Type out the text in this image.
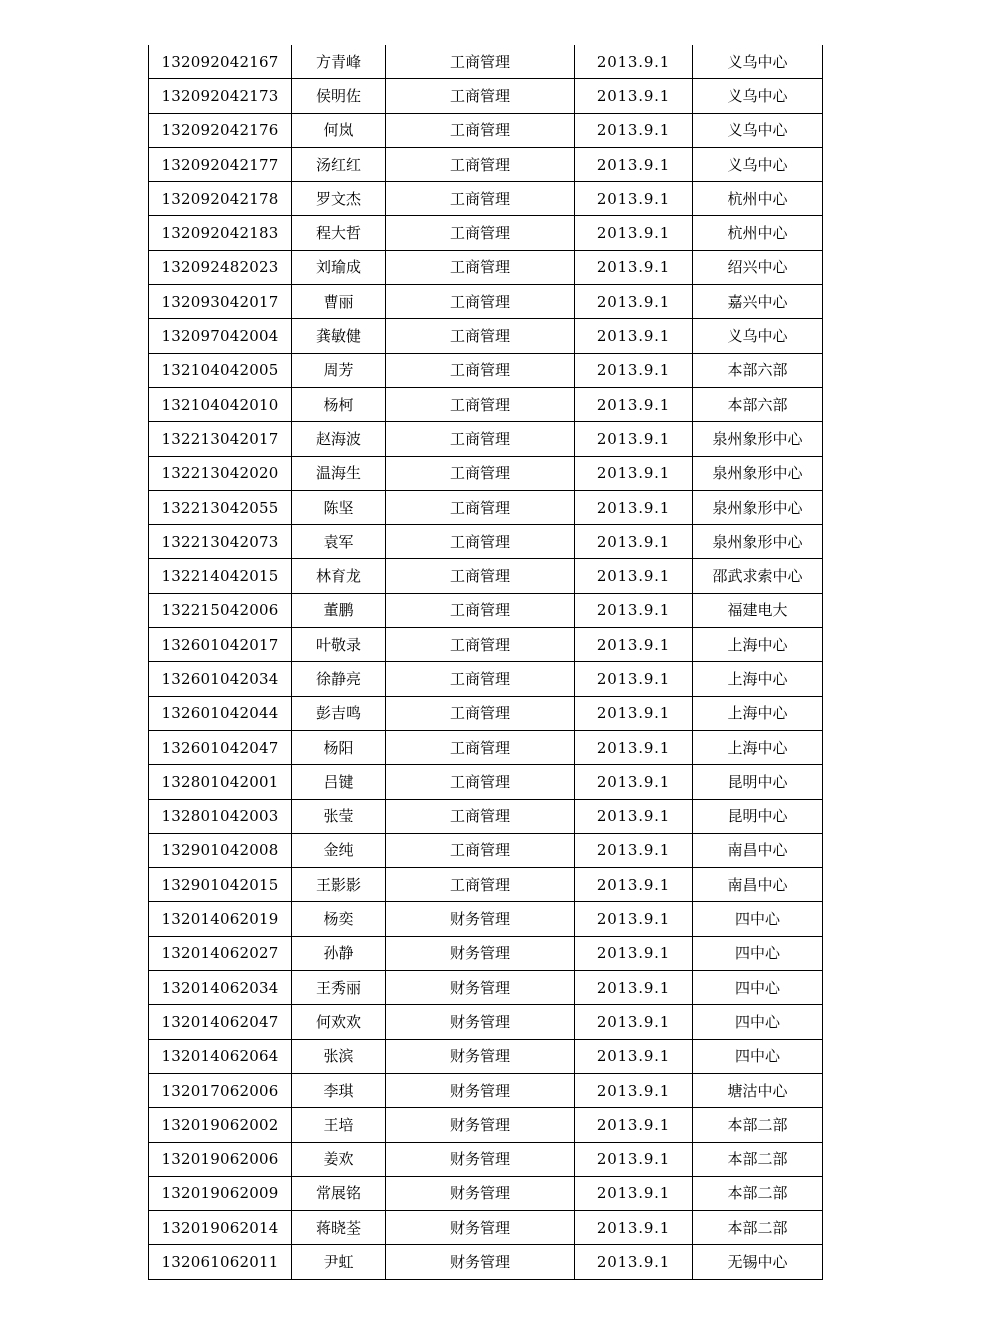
132092042167	方青峰	工商管理	2013.9.1	义乌中心
132092042173	侯明佐	工商管理	2013.9.1	义乌中心
132092042176	何岚	工商管理	2013.9.1	义乌中心
132092042177	汤红红	工商管理	2013.9.1	义乌中心
132092042178	罗文杰	工商管理	2013.9.1	杭州中心
132092042183	程大哲	工商管理	2013.9.1	杭州中心
132092482023	刘瑜成	工商管理	2013.9.1	绍兴中心
132093042017	曹丽	工商管理	2013.9.1	嘉兴中心
132097042004	龚敏健	工商管理	2013.9.1	义乌中心
132104042005	周芳	工商管理	2013.9.1	本部六部
132104042010	杨柯	工商管理	2013.9.1	本部六部
132213042017	赵海波	工商管理	2013.9.1	泉州象形中心
132213042020	温海生	工商管理	2013.9.1	泉州象形中心
132213042055	陈坚	工商管理	2013.9.1	泉州象形中心
132213042073	袁军	工商管理	2013.9.1	泉州象形中心
132214042015	林育龙	工商管理	2013.9.1	邵武求索中心
132215042006	董鹏	工商管理	2013.9.1	福建电大
132601042017	叶敬录	工商管理	2013.9.1	上海中心
132601042034	徐静亮	工商管理	2013.9.1	上海中心
132601042044	彭吉鸣	工商管理	2013.9.1	上海中心
132601042047	杨阳	工商管理	2013.9.1	上海中心
132801042001	吕键	工商管理	2013.9.1	昆明中心
132801042003	张莹	工商管理	2013.9.1	昆明中心
132901042008	金纯	工商管理	2013.9.1	南昌中心
132901042015	王影影	工商管理	2013.9.1	南昌中心
132014062019	杨奕	财务管理	2013.9.1	四中心
132014062027	孙静	财务管理	2013.9.1	四中心
132014062034	王秀丽	财务管理	2013.9.1	四中心
132014062047	何欢欢	财务管理	2013.9.1	四中心
132014062064	张滨	财务管理	2013.9.1	四中心
132017062006	李琪	财务管理	2013.9.1	塘沽中心
132019062002	王培	财务管理	2013.9.1	本部二部
132019062006	姜欢	财务管理	2013.9.1	本部二部
132019062009	常展铭	财务管理	2013.9.1	本部二部
132019062014	蒋晓荃	财务管理	2013.9.1	本部二部
132061062011	尹虹	财务管理	2013.9.1	无锡中心
